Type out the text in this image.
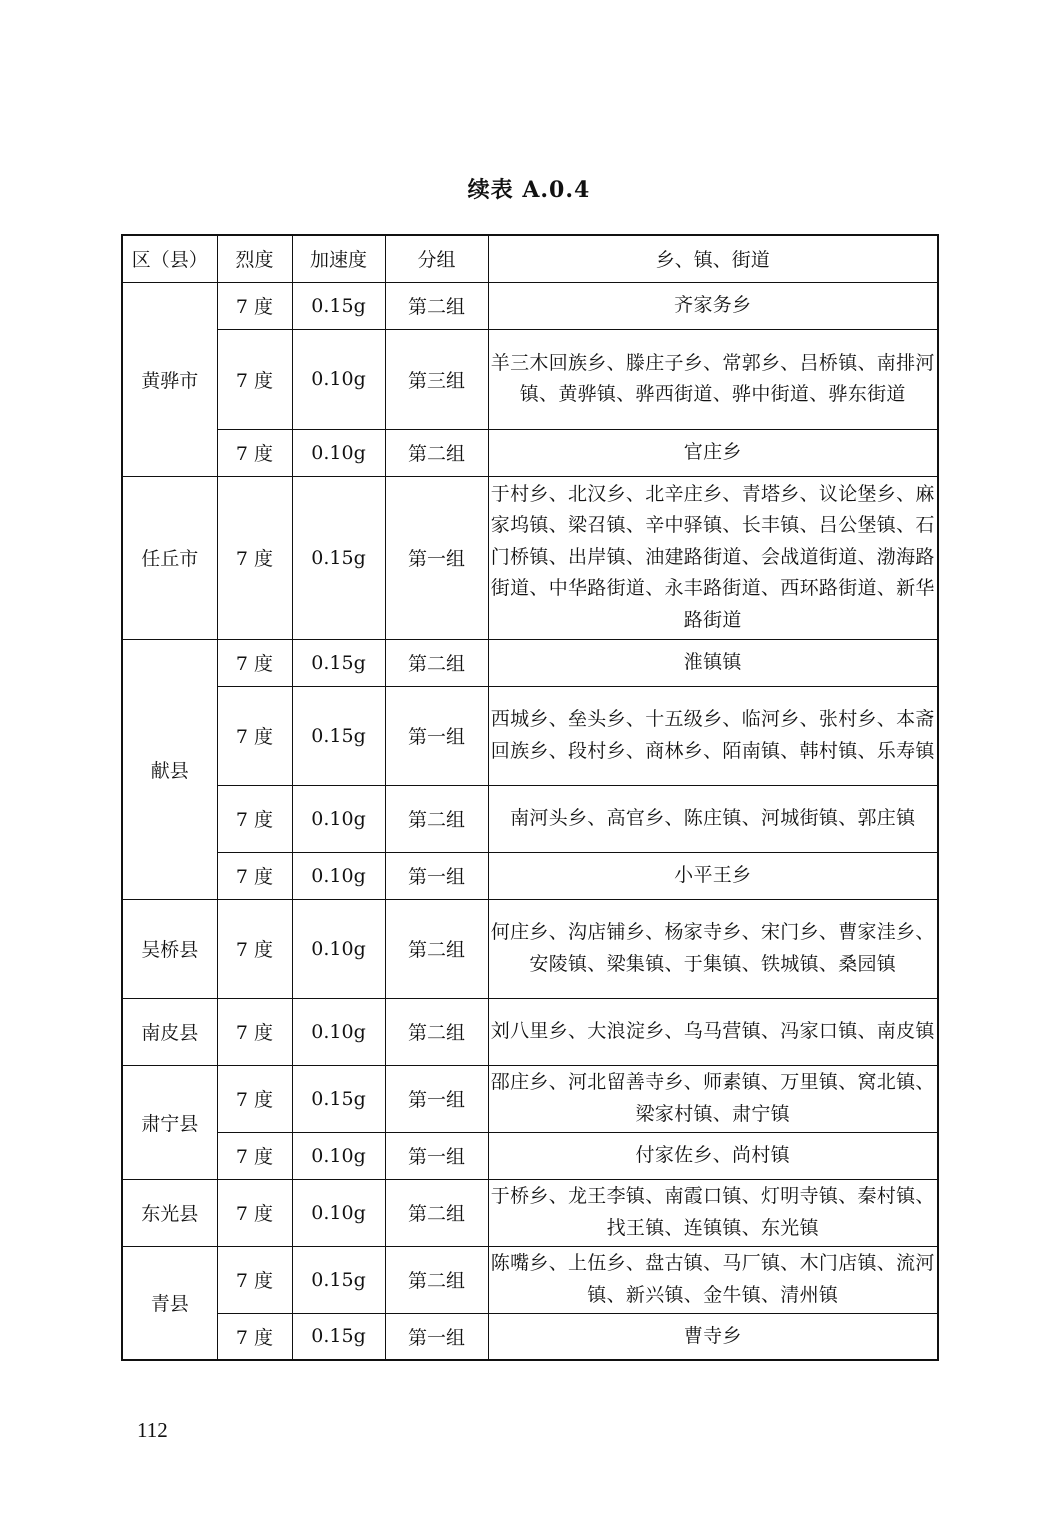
续表 A.0.4
区（县）	烈度	加速度	分组	乡、镇、街道
黄骅市	7 度	0.15g	第二组	齐家务乡
	7 度	0.10g	第三组	羊三木回族乡、滕庄子乡、常郭乡、吕桥镇、南排河镇、黄骅镇、骅西街道、骅中街道、骅东街道
	7 度	0.10g	第二组	官庄乡
任丘市	7 度	0.15g	第一组	于村乡、北汉乡、北辛庄乡、青塔乡、议论堡乡、麻家坞镇、梁召镇、辛中驿镇、长丰镇、吕公堡镇、石门桥镇、出岸镇、油建路街道、会战道街道、渤海路街道、中华路街道、永丰路街道、西环路街道、新华路街道
献县	7 度	0.15g	第二组	淮镇镇
	7 度	0.15g	第一组	西城乡、垒头乡、十五级乡、临河乡、张村乡、本斋回族乡、段村乡、商林乡、陌南镇、韩村镇、乐寿镇
	7 度	0.10g	第二组	南河头乡、高官乡、陈庄镇、河城街镇、郭庄镇
	7 度	0.10g	第一组	小平王乡
吴桥县	7 度	0.10g	第二组	何庄乡、沟店铺乡、杨家寺乡、宋门乡、曹家洼乡、安陵镇、梁集镇、于集镇、铁城镇、桑园镇
南皮县	7 度	0.10g	第二组	刘八里乡、大浪淀乡、乌马营镇、冯家口镇、南皮镇
肃宁县	7 度	0.15g	第一组	邵庄乡、河北留善寺乡、师素镇、万里镇、窝北镇、梁家村镇、肃宁镇
	7 度	0.10g	第一组	付家佐乡、尚村镇
东光县	7 度	0.10g	第二组	于桥乡、龙王李镇、南霞口镇、灯明寺镇、秦村镇、找王镇、连镇镇、东光镇
青县	7 度	0.15g	第二组	陈嘴乡、上伍乡、盘古镇、马厂镇、木门店镇、流河镇、新兴镇、金牛镇、清州镇
	7 度	0.15g	第一组	曹寺乡
112
